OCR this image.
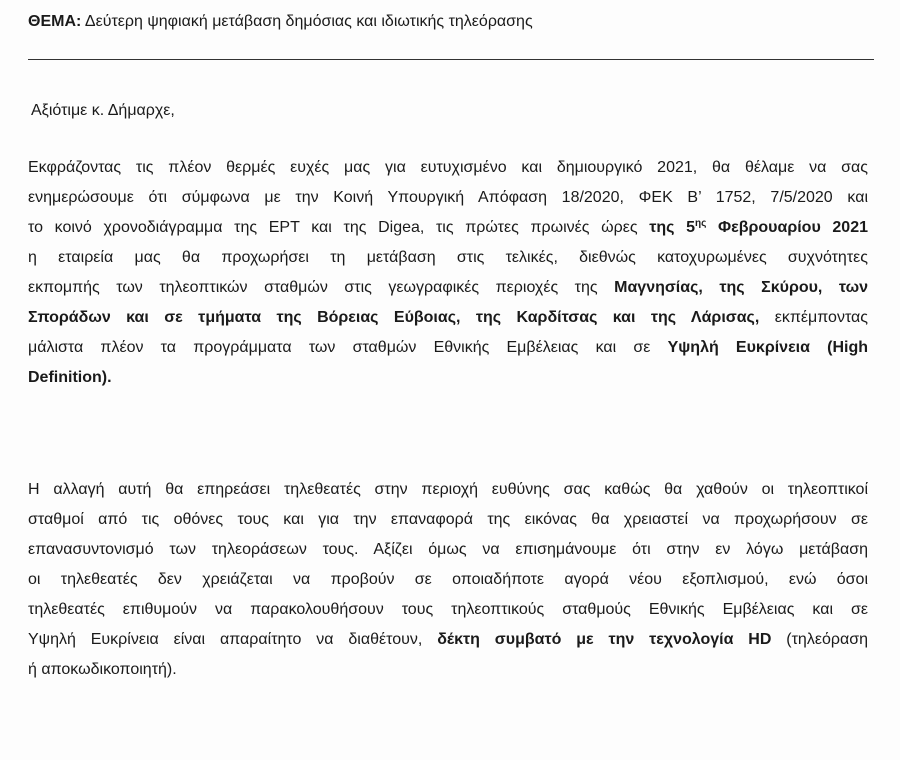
ΘΕΜΑ: Δεύτερη ψηφιακή μετάβαση δημόσιας και ιδιωτικής τηλεόρασης
Αξιότιμε κ. Δήμαρχε,
Εκφράζοντας τις πλέον θερμές ευχές μας για ευτυχισμένο και δημιουργικό 2021, θα θέλαμε να σας
ενημερώσουμε ότι σύμφωνα με την Κοινή Υπουργική Απόφαση 18/2020, ΦΕΚ Β’ 1752, 7/5/2020 και
το κοινό χρονοδιάγραμμα της ΕΡΤ και της Digea, τις πρώτες πρωινές ώρες της $5^{\eta\varsigma}$ Φεβρουαρίου 2021
η εταιρεία μας θα προχωρήσει τη μετάβαση στις τελικές, διεθνώς κατοχυρωμένες συχνότητες
εκπομπής των τηλεοπτικών σταθμών στις γεωγραφικές περιοχές της Μαγνησίας, της Σκύρου, των
Σποράδων και σε τμήματα της Βόρειας Εύβοιας, της Καρδίτσας και της Λάρισας, εκπέμποντας
μάλιστα πλέον τα προγράμματα των σταθμών Εθνικής Εμβέλειας και σε Υψηλή Ευκρίνεια (High
Definition).
Η αλλαγή αυτή θα επηρεάσει τηλεθεατές στην περιοχή ευθύνης σας καθώς θα χαθούν οι τηλεοπτικοί
σταθμοί από τις οθόνες τους και για την επαναφορά της εικόνας θα χρειαστεί να προχωρήσουν σε
επανασυντονισμό των τηλεοράσεων τους. Αξίζει όμως να επισημάνουμε ότι στην εν λόγω μετάβαση
οι τηλεθεατές δεν χρειάζεται να προβούν σε οποιαδήποτε αγορά νέου εξοπλισμού, ενώ όσοι
τηλεθεατές επιθυμούν να παρακολουθήσουν τους τηλεοπτικούς σταθμούς Εθνικής Εμβέλειας και σε
Υψηλή Ευκρίνεια είναι απαραίτητο να διαθέτουν, δέκτη συμβατό με την τεχνολογία HD (τηλεόραση
ή αποκωδικοποιητή).
